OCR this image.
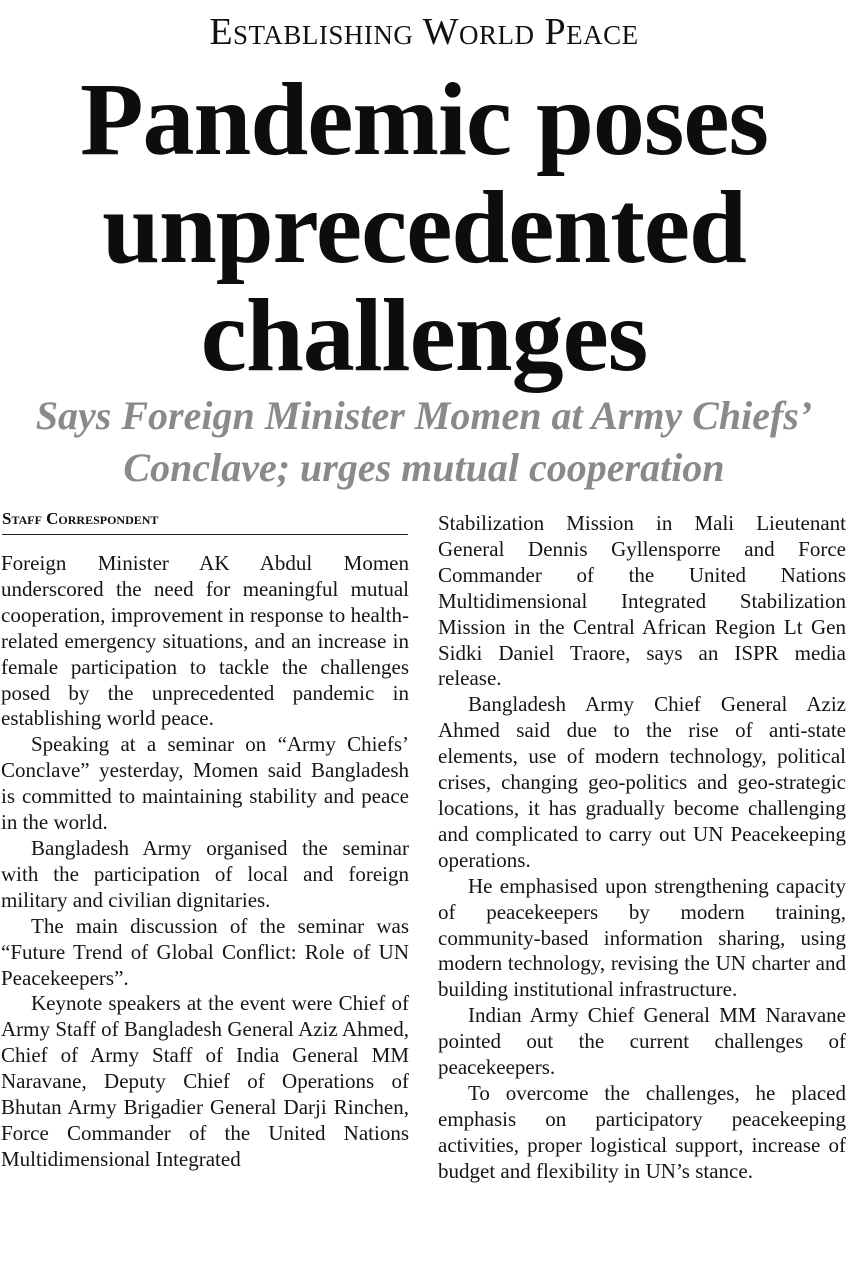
Establishing World Peace
Pandemic poses unprecedented challenges
Says Foreign Minister Momen at Army Chiefs’ Conclave; urges mutual cooperation
Staff Correspondent

Foreign Minister AK Abdul Momen underscored the need for meaningful mutual cooperation, improvement in response to health-related emergency situations, and an increase in female participation to tackle the challenges posed by the unprecedented pandemic in establishing world peace.

Speaking at a seminar on “Army Chiefs’ Conclave” yesterday, Momen said Bangladesh is committed to maintaining stability and peace in the world.

Bangladesh Army organised the seminar with the participation of local and foreign military and civilian dignitaries.

The main discussion of the seminar was “Future Trend of Global Conflict: Role of UN Peacekeepers”.

Keynote speakers at the event were Chief of Army Staff of Bangladesh General Aziz Ahmed, Chief of Army Staff of India General MM Naravane, Deputy Chief of Operations of Bhutan Army Brigadier General Darji Rinchen, Force Commander of the United Nations Multidimensional Integrated

Stabilization Mission in Mali Lieutenant General Dennis Gyllensporre and Force Commander of the United Nations Multidimensional Integrated Stabilization Mission in the Central African Region Lt Gen Sidki Daniel Traore, says an ISPR media release.

Bangladesh Army Chief General Aziz Ahmed said due to the rise of anti-state elements, use of modern technology, political crises, changing geo-politics and geo-strategic locations, it has gradually become challenging and complicated to carry out UN Peacekeeping operations.

He emphasised upon strengthening capacity of peacekeepers by modern training, community-based information sharing, using modern technology, revising the UN charter and building institutional infrastructure.

Indian Army Chief General MM Naravane pointed out the current challenges of peacekeepers.

To overcome the challenges, he placed emphasis on participatory peacekeeping activities, proper logistical support, increase of budget and flexibility in UN’s stance.
